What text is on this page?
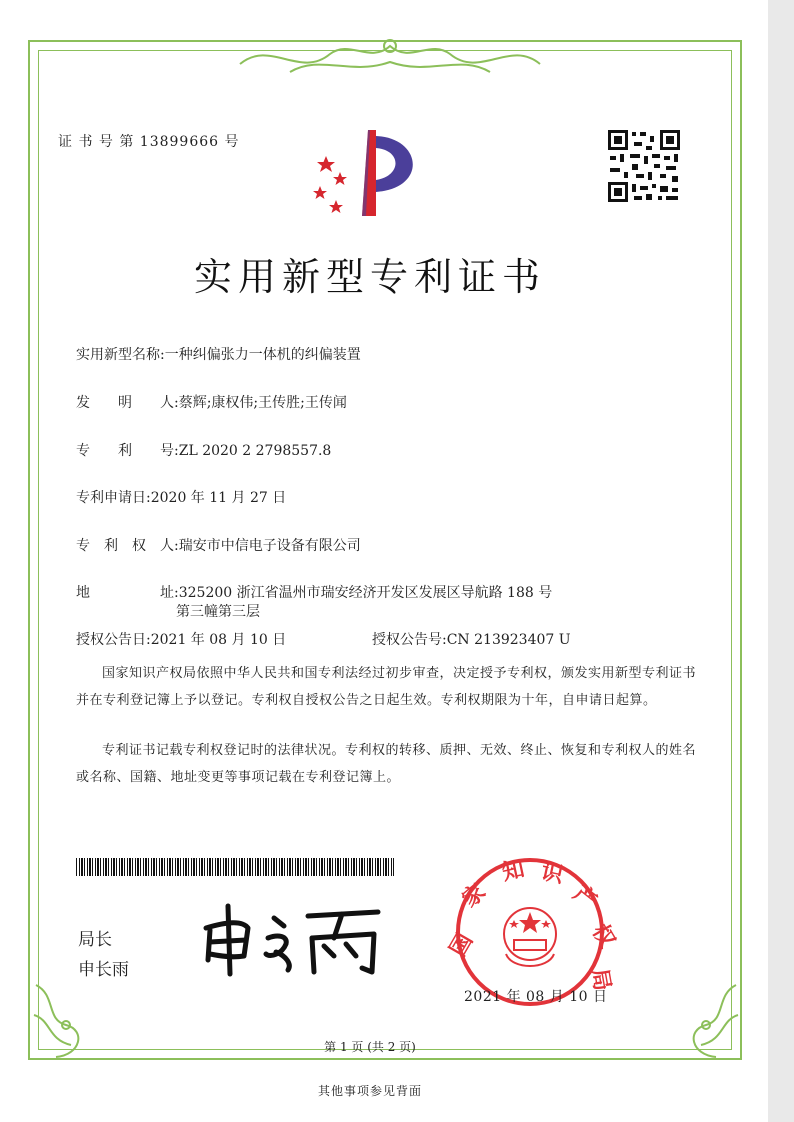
证 书 号 第 13899666 号
实用新型专利证书
实用新型名称:一种纠偏张力一体机的纠偏装置
发　　明　　人:蔡辉;康权伟;王传胜;王传闻
专　　利　　号:ZL 2020 2 2798557.8
专利申请日:2020 年 11 月 27 日
专　利　权　人:瑞安市中信电子设备有限公司
地　　　　　址:325200 浙江省温州市瑞安经济开发区发展区导航路 188 号
第三幢第三层
授权公告日:2021 年 08 月 10 日	授权公告号:CN 213923407 U
国家知识产权局依照中华人民共和国专利法经过初步审查，决定授予专利权，颁发实用新型专利证书并在专利登记簿上予以登记。专利权自授权公告之日起生效。专利权期限为十年，自申请日起算。
专利证书记载专利权登记时的法律状况。专利权的转移、质押、无效、终止、恢复和专利权人的姓名或名称、国籍、地址变更等事项记载在专利登记簿上。
局长
申长雨
国
家
知 识
产
权
局
2021 年 08 月 10 日
第 1 页 (共 2 页)
其他事项参见背面
